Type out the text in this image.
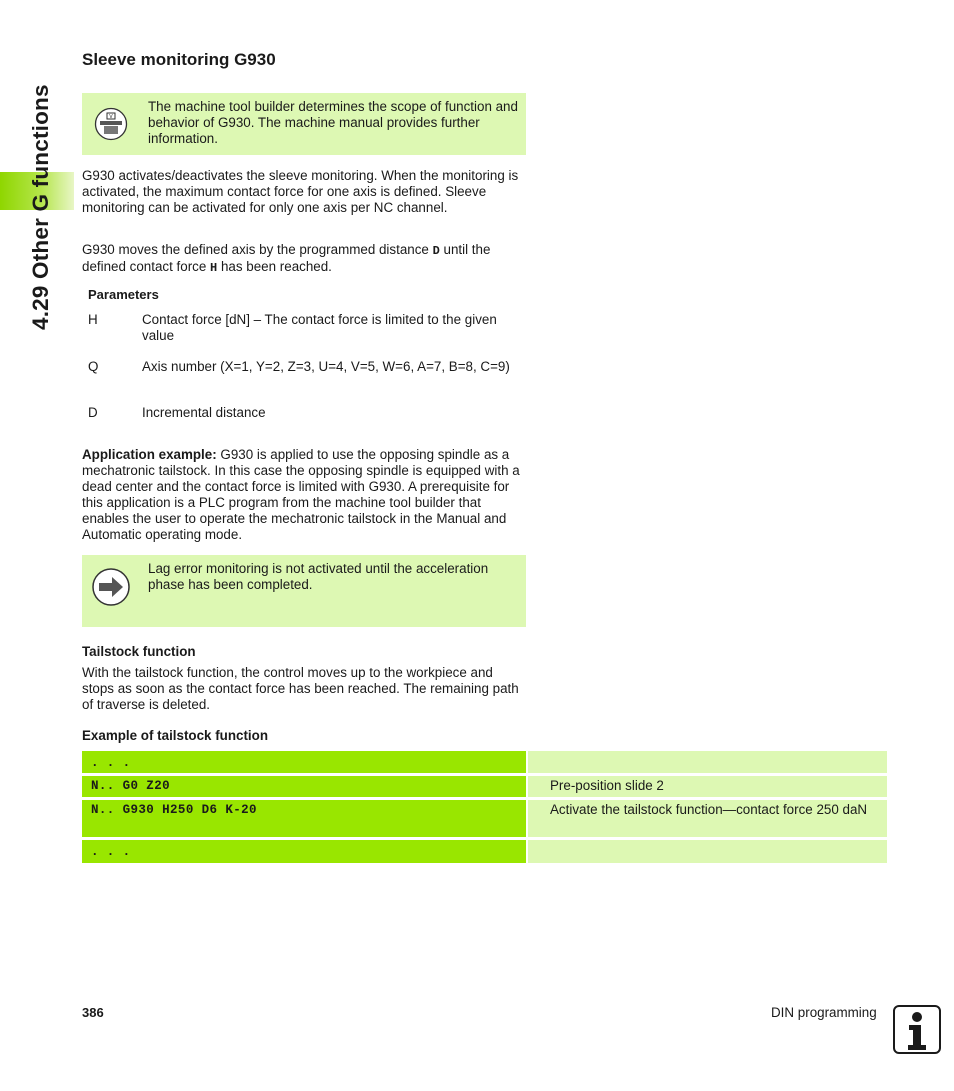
4.29 Other G functions
Sleeve monitoring G930
V
The machine tool builder determines the scope of function and behavior of G930. The machine manual provides further information.
G930 activates/deactivates the sleeve monitoring. When the monitoring is activated, the maximum contact force for one axis is defined. Sleeve monitoring can be activated for only one axis per NC channel.
G930 moves the defined axis by the programmed distance D until the defined contact force H has been reached.
Parameters
H	Contact force [dN] – The contact force is limited to the given value
Q	Axis number (X=1, Y=2, Z=3, U=4, V=5, W=6, A=7, B=8, C=9)
D	Incremental distance
Application example: G930 is applied to use the opposing spindle as a mechatronic tailstock. In this case the opposing spindle is equipped with a dead center and the contact force is limited with G930. A prerequisite for this application is a PLC program from the machine tool builder that enables the user to operate the mechatronic tailstock in the Manual and Automatic operating mode.
Lag error monitoring is not activated until the acceleration phase has been completed.
Tailstock function
With the tailstock function, the control moves up to the workpiece and stops as soon as the contact force has been reached. The remaining path of traverse is deleted.
Example of tailstock function
. . .
N.. G0 Z20	Pre-position slide 2
N.. G930 H250 D6 K-20	Activate the tailstock function—contact force 250 daN
. . .
386	DIN programming
